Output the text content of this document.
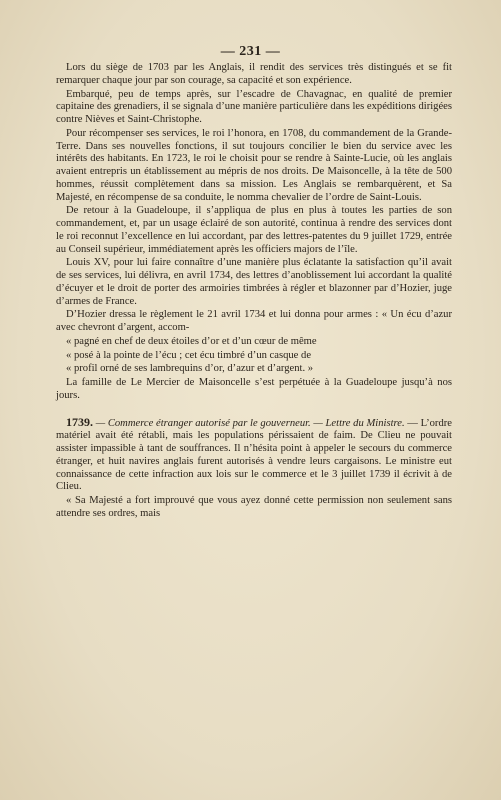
— 231 —

Lors du siège de 1703 par les Anglais, il rendit des services très distingués et se fit remarquer chaque jour par son courage, sa capacité et son expérience.

Embarqué, peu de temps après, sur l’escadre de Chavagnac, en qualité de premier capitaine des grenadiers, il se signala d’une manière particulière dans les expéditions dirigées contre Nièves et Saint-Christophe.

Pour récompenser ses services, le roi l’honora, en 1708, du commandement de la Grande-Terre. Dans ses nouvelles fonctions, il sut toujours concilier le bien du service avec les intérêts des habitants. En 1723, le roi le choisit pour se rendre à Sainte-Lucie, où les anglais avaient entrepris un établissement au mépris de nos droits. De Maisoncelle, à la tête de 500 hommes, réussit complètement dans sa mission. Les Anglais se rembarquèrent, et Sa Majesté, en récompense de sa conduite, le nomma chevalier de l’ordre de Saint-Louis.

De retour à la Guadeloupe, il s’appliqua de plus en plus à toutes les parties de son commandement, et, par un usage éclairé de son autorité, continua à rendre des services dont le roi reconnut l’excellence en lui accordant, par des lettres-patentes du 9 juillet 1729, entrée au Conseil supérieur, immédiatement après les officiers majors de l’île.

Louis XV, pour lui faire connaître d’une manière plus éclatante la satisfaction qu’il avait de ses services, lui délivra, en avril 1734, des lettres d’anoblissement lui accordant la qualité d’écuyer et le droit de porter des armoiries timbrées à régler et blazonner par d’Hozier, juge d’armes de France.

D’Hozier dressa le règlement le 21 avril 1734 et lui donna pour armes : « Un écu d’azur avec chevront d’argent, accom-

« pagné en chef de deux étoiles d’or et d’un cœur de même

« posé à la pointe de l’écu ; cet écu timbré d’un casque de

« profil orné de ses lambrequins d’or, d’azur et d’argent. »

La famille de Le Mercier de Maisoncelle s’est perpétuée à la Guadeloupe jusqu’à nos jours.

1739. — Commerce étranger autorisé par le gouverneur. — Lettre du Ministre. — L’ordre matériel avait été rétabli, mais les populations périssaient de faim. De Clieu ne pouvait assister impassible à tant de souffrances. Il n’hésita point à appeler le secours du commerce étranger, et huit navires anglais furent autorisés à vendre leurs cargaisons. Le ministre eut connaissance de cette infraction aux lois sur le commerce et le 3 juillet 1739 il écrivit à de Clieu.

« Sa Majesté a fort improuvé que vous ayez donné cette permission non seulement sans attendre ses ordres, mais
